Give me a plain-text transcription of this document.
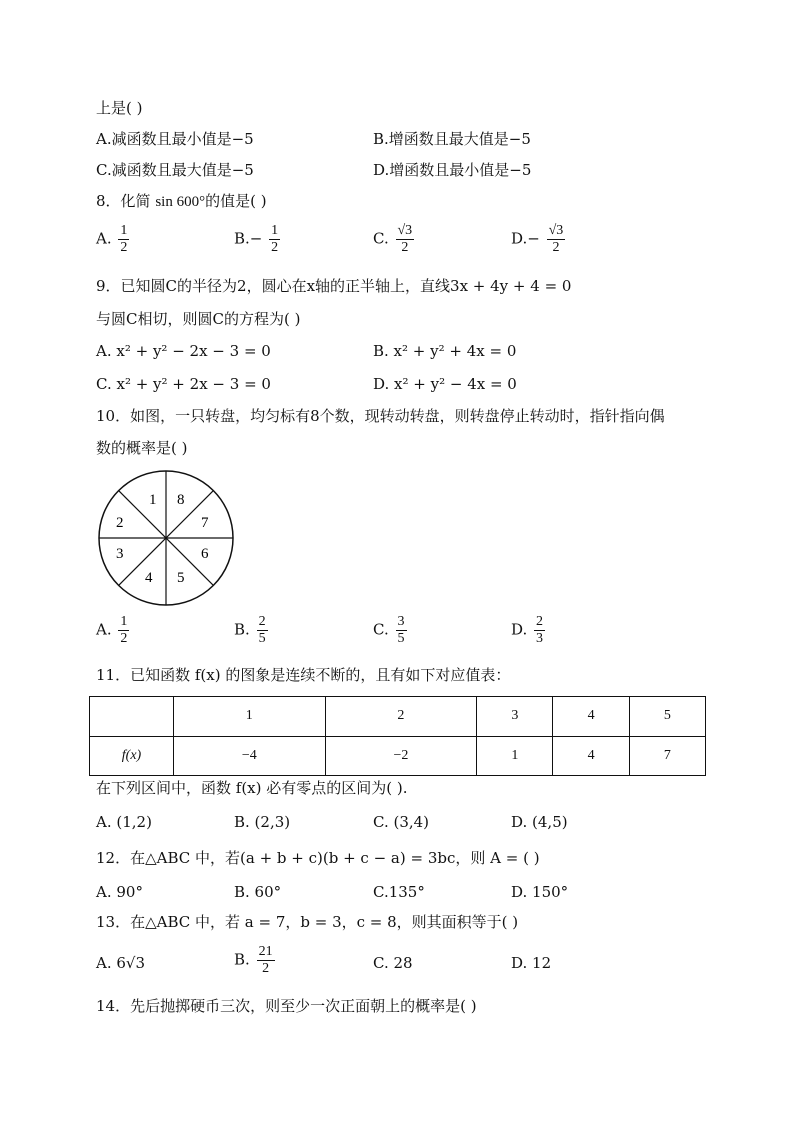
上是( )
A.减函数且最小值是−5	B.增函数且最大值是−5
C.减函数且最大值是−5	D.增函数且最小值是−5
8．化简 sin 600°的值是( )
A. $\frac{1}{2}$	$B.- \frac{1}{2}$	C. $\frac{√3}{2}$	$D.- \frac{√3}{2}$
9．已知圆C的半径为2，圆心在x轴的正半轴上，直线3x + 4y + 4 = 0
与圆C相切，则圆C的方程为( )
A. x² + y² − 2x − 3 = 0	B. x² + y² + 4x = 0
C. x² + y² + 2x − 3 = 0	D. x² + y² − 4x = 0
10．如图，一只转盘，均匀标有8个数，现转动转盘，则转盘停止转动时，指针指向偶
数的概率是( )
1 8
7
6
5
4
3
2
A. $\frac{1}{2}$	B. $\frac{2}{5}$	C. $\frac{3}{5}$	D. $\frac{2}{3}$
11．已知函数 f(x) 的图象是连续不断的，且有如下对应值表：
	1	2	3	4	5
f(x)	−4	−2	1	4	7
在下列区间中，函数 f(x) 必有零点的区间为( ).
A. (1,2)	B. (2,3)	C. (3,4)	D. (4,5)
12．在△ABC 中，若(a + b + c)(b + c − a) = 3bc，则 A = ( )
A. 90°	B. 60°	C.135°	D. 150°
13．在△ABC 中，若 a = 7，b = 3，c = 8，则其面积等于( )
A. 6√3	B. $\frac{21}{2}$	C. 28	D. 12
14．先后抛掷硬币三次，则至少一次正面朝上的概率是( )
